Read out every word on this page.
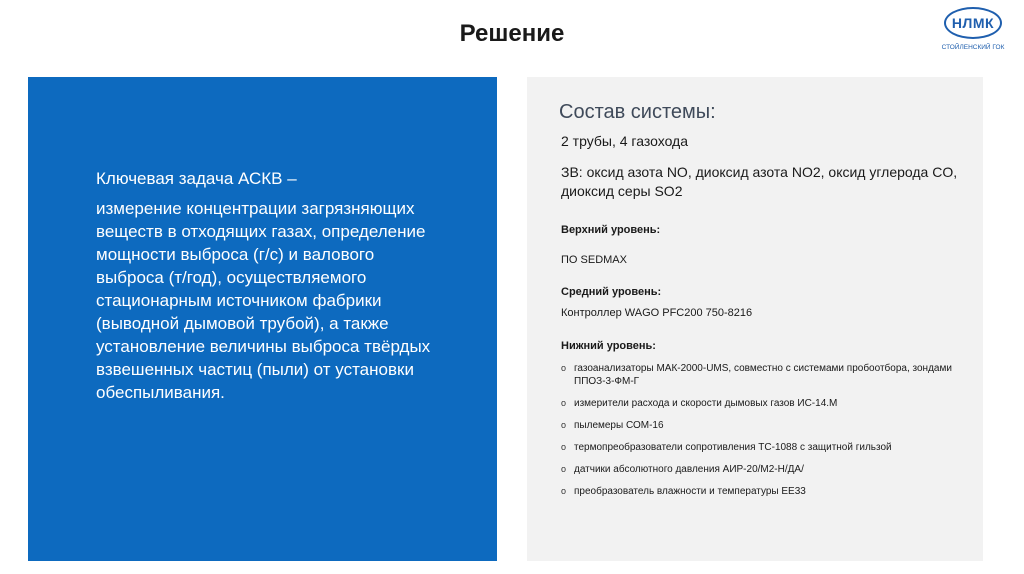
Решение	НЛМК
СТОЙЛЕНСКИЙ ГОК
Ключевая задача АСКВ –
измерение концентрации загрязняющих веществ в отходящих газах, определение мощности выброса (г/с) и валового выброса (т/год), осуществляемого стационарным источником фабрики (выводной дымовой трубой), а также установление величины выброса твёрдых взвешенных частиц (пыли) от установки обеспыливания.
Состав системы:
2 трубы, 4 газохода
ЗВ: оксид азота NO, диоксид азота NO2, оксид углерода CO, диоксид серы SO2
Верхний уровень:
ПО SEDMAX
Средний уровень:
Контроллер WAGO PFC200 750-8216
Нижний уровень:
o газоанализаторы МАК-2000-UMS, совместно с системами пробоотбора, зондами ППОЗ-3-ФМ-Г
o измерители расхода и скорости дымовых газов ИС-14.М
o пылемеры СОМ-16
o термопреобразователи сопротивления ТС-1088 с защитной гильзой
o датчики абсолютного давления АИР-20/М2-Н/ДА/
o преобразователь влажности и температуры ЕЕ33
